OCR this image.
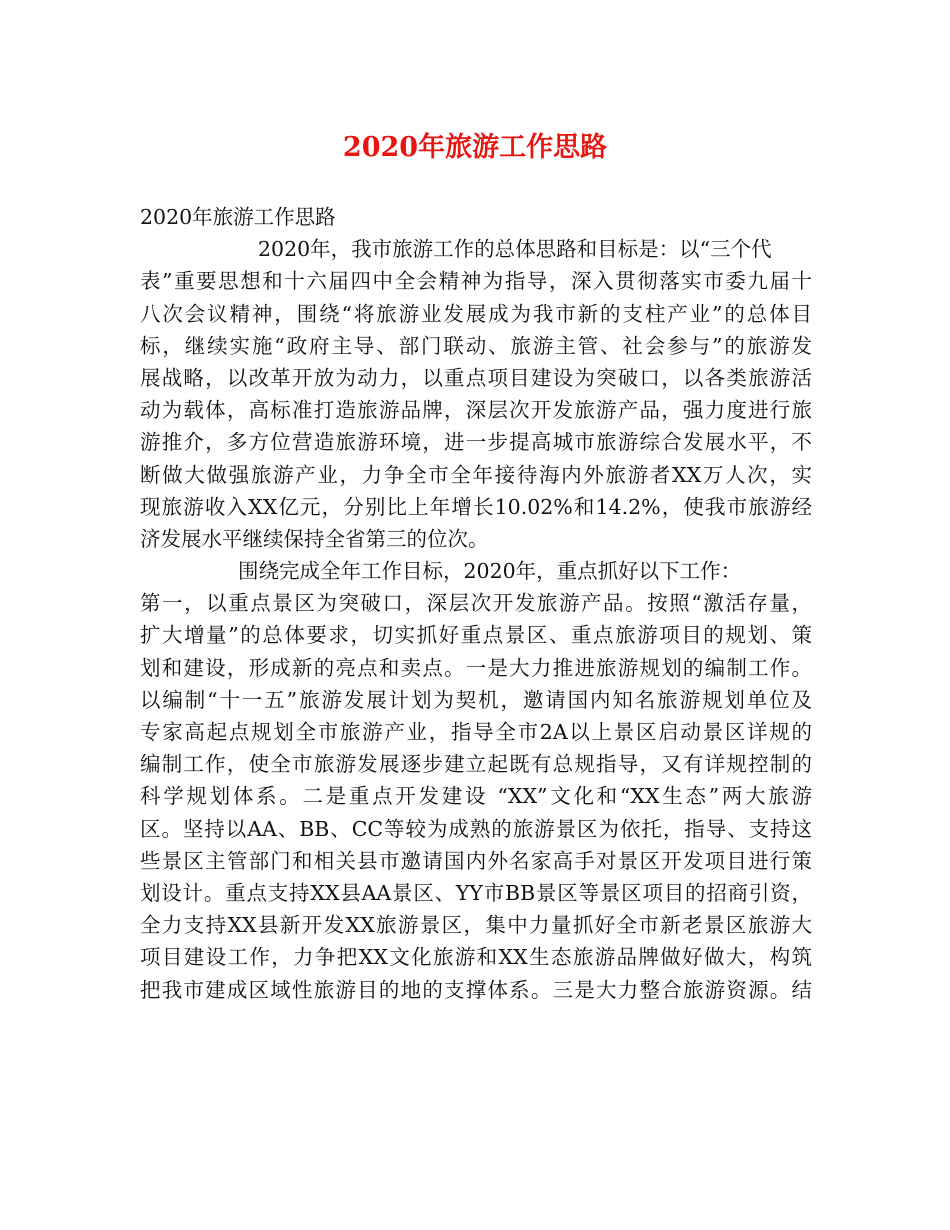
2020年旅游工作思路
2020年旅游工作思路
2020年，我市旅游工作的总体思路和目标是：以“三个代
表”重要思想和十六届四中全会精神为指导，深入贯彻落实市委九届十
八次会议精神，围绕“将旅游业发展成为我市新的支柱产业”的总体目
标，继续实施“政府主导、部门联动、旅游主管、社会参与”的旅游发
展战略，以改革开放为动力，以重点项目建设为突破口，以各类旅游活
动为载体，高标准打造旅游品牌，深层次开发旅游产品，强力度进行旅
游推介，多方位营造旅游环境，进一步提高城市旅游综合发展水平，不
断做大做强旅游产业，力争全市全年接待海内外旅游者XX万人次，实
现旅游收入XX亿元，分别比上年增长10.02%和14.2%，使我市旅游经
济发展水平继续保持全省第三的位次。
围绕完成全年工作目标，2020年，重点抓好以下工作：
第一，以重点景区为突破口，深层次开发旅游产品。按照“激活存量，
扩大增量”的总体要求，切实抓好重点景区、重点旅游项目的规划、策
划和建设，形成新的亮点和卖点。一是大力推进旅游规划的编制工作。
以编制“十一五”旅游发展计划为契机，邀请国内知名旅游规划单位及
专家高起点规划全市旅游产业，指导全市2A以上景区启动景区详规的
编制工作，使全市旅游发展逐步建立起既有总规指导，又有详规控制的
科学规划体系。二是重点开发建设 “XX”文化和“XX生态”两大旅游
区。坚持以AA、BB、CC等较为成熟的旅游景区为依托，指导、支持这
些景区主管部门和相关县市邀请国内外名家高手对景区开发项目进行策
划设计。重点支持XX县AA景区、YY市BB景区等景区项目的招商引资，
全力支持XX县新开发XX旅游景区，集中力量抓好全市新老景区旅游大
项目建设工作，力争把XX文化旅游和XX生态旅游品牌做好做大，构筑
把我市建成区域性旅游目的地的支撑体系。三是大力整合旅游资源。结
